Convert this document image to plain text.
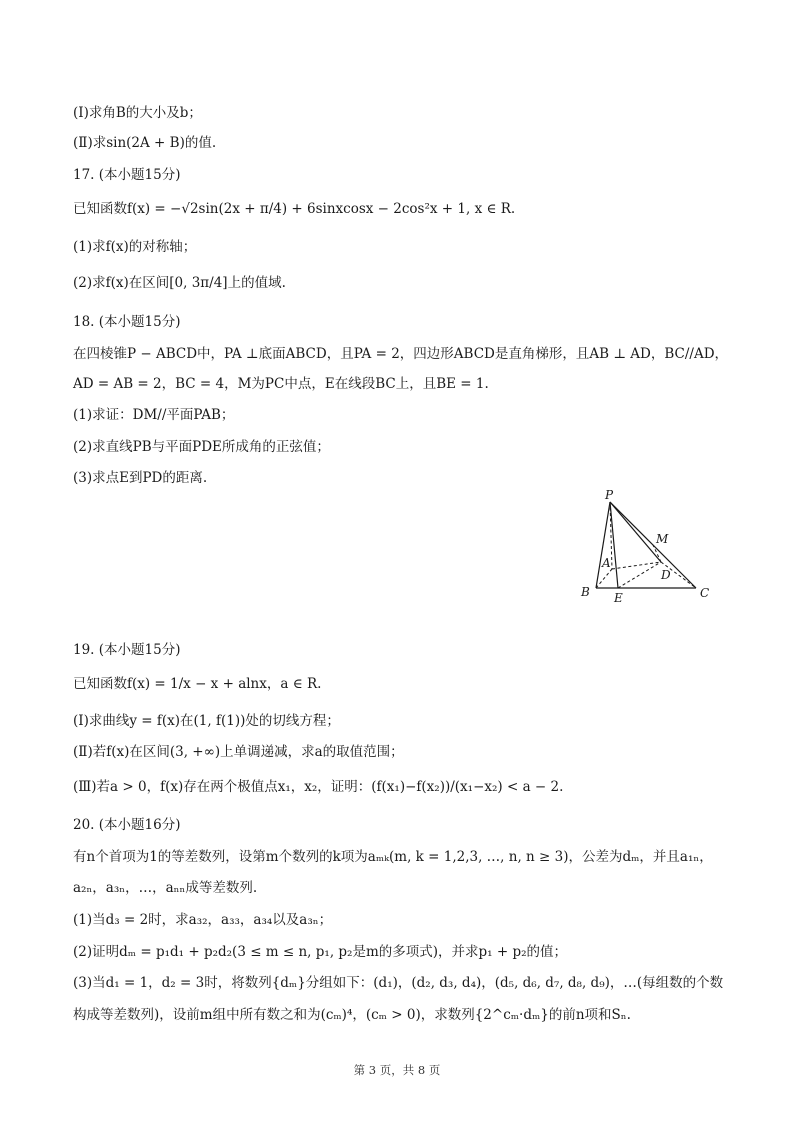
(Ⅰ)求角B的大小及b；
(Ⅱ)求sin(2A + B)的值.
17. (本小题15分)
已知函数f(x) = −√2sin(2x + π/4) + 6sinxcosx − 2cos²x + 1, x ∈ R.
(1)求f(x)的对称轴；
(2)求f(x)在区间[0, 3π/4]上的值域.
18. (本小题15分)
在四棱锥P − ABCD中，PA ⊥底面ABCD，且PA = 2，四边形ABCD是直角梯形，且AB ⊥ AD，BC//AD，
AD = AB = 2，BC = 4，M为PC中点，E在线段BC上，且BE = 1.
(1)求证：DM//平面PAB；
(2)求直线PB与平面PDE所成角的正弦值；
(3)求点E到PD的距离.
P
M
A
D
B E	C
19. (本小题15分)
已知函数f(x) = 1/x − x + alnx，a ∈ R.
(Ⅰ)求曲线y = f(x)在(1, f(1))处的切线方程；
(Ⅱ)若f(x)在区间(3, +∞)上单调递减，求a的取值范围；
(Ⅲ)若a > 0，f(x)存在两个极值点x₁，x₂，证明：(f(x₁)−f(x₂))/(x₁−x₂) < a − 2.
20. (本小题16分)
有n个首项为1的等差数列，设第m个数列的k项为aₘₖ(m, k = 1,2,3, …, n, n ≥ 3)，公差为dₘ，并且a₁ₙ，
a₂ₙ，a₃ₙ，…，aₙₙ成等差数列.
(1)当d₃ = 2时，求a₃₂，a₃₃，a₃₄以及a₃ₙ；
(2)证明dₘ = p₁d₁ + p₂d₂(3 ≤ m ≤ n, p₁, p₂是m的多项式)，并求p₁ + p₂的值；
(3)当d₁ = 1，d₂ = 3时，将数列{dₘ}分组如下：(d₁)，(d₂, d₃, d₄)，(d₅, d₆, d₇, d₈, d₉)，…(每组数的个数
构成等差数列)，设前m组中所有数之和为(cₘ)⁴，(cₘ > 0)，求数列{2^cₘ·dₘ}的前n项和Sₙ.
第 3 页，共 8 页
